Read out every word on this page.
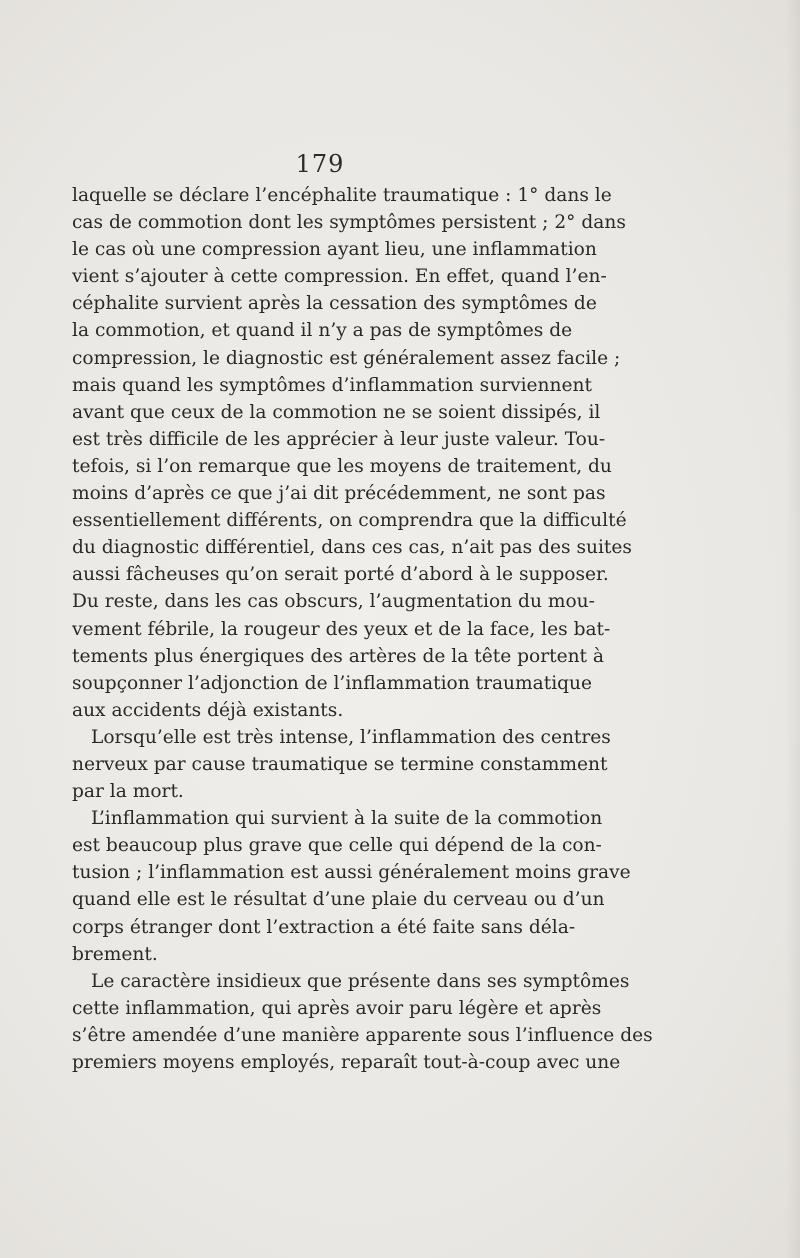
179
laquelle se déclare l’encéphalite traumatique : 1° dans le
cas de commotion dont les symptômes persistent ; 2° dans
le cas où une compression ayant lieu, une inflammation
vient s’ajouter à cette compression. En effet, quand l’en-
céphalite survient après la cessation des symptômes de
la commotion, et quand il n’y a pas de symptômes de
compression, le diagnostic est généralement assez facile ;
mais quand les symptômes d’inflammation surviennent
avant que ceux de la commotion ne se soient dissipés, il
est très difficile de les apprécier à leur juste valeur. Tou-
tefois, si l’on remarque que les moyens de traitement, du
moins d’après ce que j’ai dit précédemment, ne sont pas
essentiellement différents, on comprendra que la difficulté
du diagnostic différentiel, dans ces cas, n’ait pas des suites
aussi fâcheuses qu’on serait porté d’abord à le supposer.
Du reste, dans les cas obscurs, l’augmentation du mou-
vement fébrile, la rougeur des yeux et de la face, les bat-
tements plus énergiques des artères de la tête portent à
soupçonner l’adjonction de l’inflammation traumatique
aux accidents déjà existants.
Lorsqu’elle est très intense, l’inflammation des centres
nerveux par cause traumatique se termine constamment
par la mort.
L’inflammation qui survient à la suite de la commotion
est beaucoup plus grave que celle qui dépend de la con-
tusion ; l’inflammation est aussi généralement moins grave
quand elle est le résultat d’une plaie du cerveau ou d’un
corps étranger dont l’extraction a été faite sans déla-
brement.
Le caractère insidieux que présente dans ses symptômes
cette inflammation, qui après avoir paru légère et après
s’être amendée d’une manière apparente sous l’influence des
premiers moyens employés, reparaît tout-à-coup avec une
